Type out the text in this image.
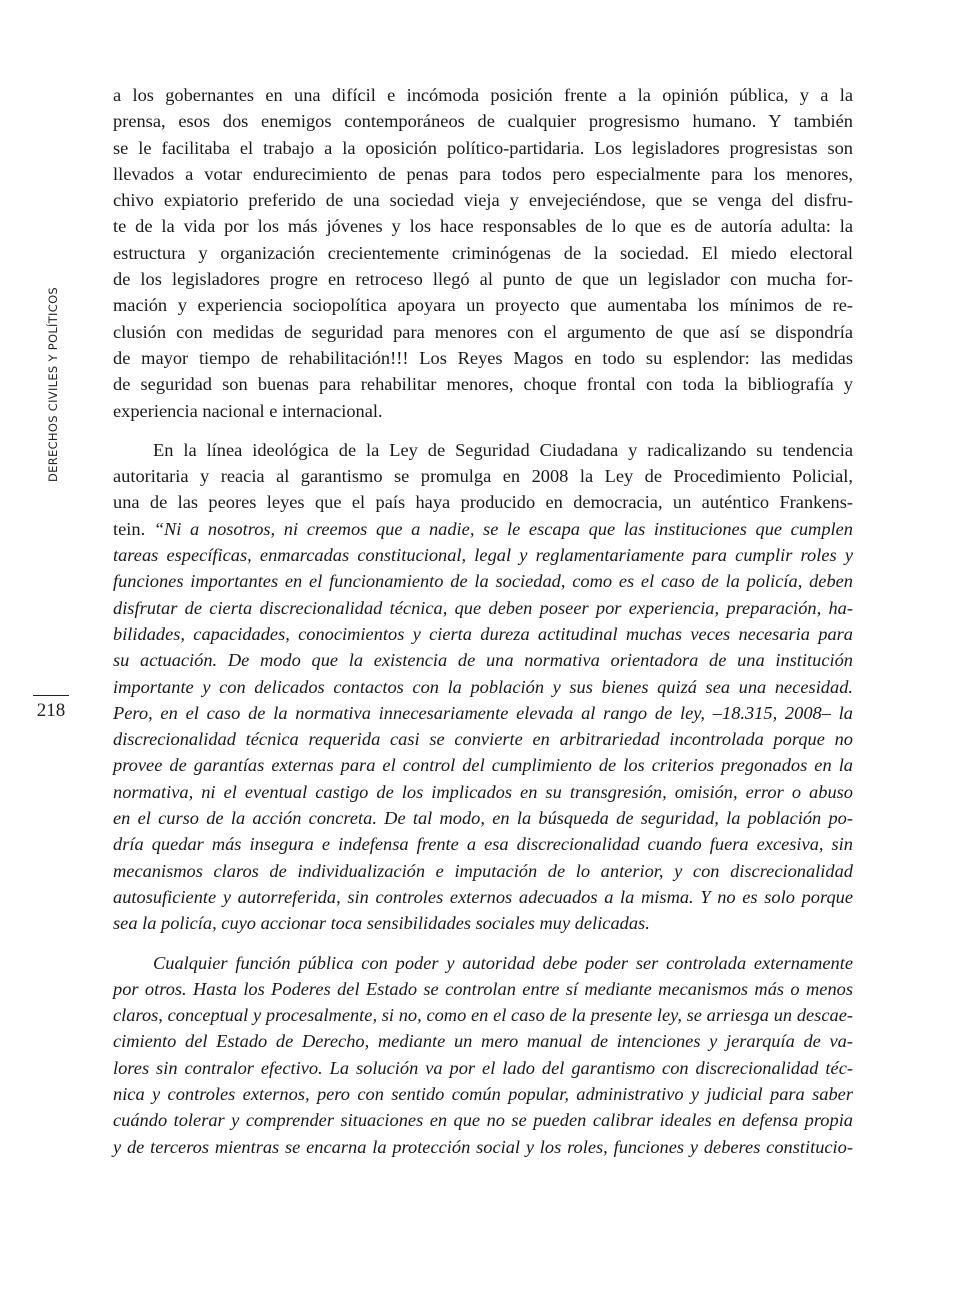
DERECHOS CIVILES Y POLÍTICOS
218

a los gobernantes en una difícil e incómoda posición frente a la opinión pública, y a la
prensa, esos dos enemigos contemporáneos de cualquier progresismo humano. Y también
se le facilitaba el trabajo a la oposición político-partidaria. Los legisladores progresistas son
llevados a votar endurecimiento de penas para todos pero especialmente para los menores,
chivo expiatorio preferido de una sociedad vieja y envejeciéndose, que se venga del disfru-
te de la vida por los más jóvenes y los hace responsables de lo que es de autoría adulta: la
estructura y organización crecientemente criminógenas de la sociedad. El miedo electoral
de los legisladores progre en retroceso llegó al punto de que un legislador con mucha for-
mación y experiencia sociopolítica apoyara un proyecto que aumentaba los mínimos de re-
clusión con medidas de seguridad para menores con el argumento de que así se dispondría
de mayor tiempo de rehabilitación!!! Los Reyes Magos en todo su esplendor: las medidas
de seguridad son buenas para rehabilitar menores, choque frontal con toda la bibliografía y
experiencia nacional e internacional.

En la línea ideológica de la Ley de Seguridad Ciudadana y radicalizando su tendencia
autoritaria y reacia al garantismo se promulga en 2008 la Ley de Procedimiento Policial,
una de las peores leyes que el país haya producido en democracia, un auténtico Frankens-
tein. “Ni a nosotros, ni creemos que a nadie, se le escapa que las instituciones que cumplen
tareas específicas, enmarcadas constitucional, legal y reglamentariamente para cumplir roles y
funciones importantes en el funcionamiento de la sociedad, como es el caso de la policía, deben
disfrutar de cierta discrecionalidad técnica, que deben poseer por experiencia, preparación, ha-
bilidades, capacidades, conocimientos y cierta dureza actitudinal muchas veces necesaria para
su actuación. De modo que la existencia de una normativa orientadora de una institución
importante y con delicados contactos con la población y sus bienes quizá sea una necesidad.
Pero, en el caso de la normativa innecesariamente elevada al rango de ley, –18.315, 2008– la
discrecionalidad técnica requerida casi se convierte en arbitrariedad incontrolada porque no
provee de garantías externas para el control del cumplimiento de los criterios pregonados en la
normativa, ni el eventual castigo de los implicados en su transgresión, omisión, error o abuso
en el curso de la acción concreta. De tal modo, en la búsqueda de seguridad, la población po-
dría quedar más insegura e indefensa frente a esa discrecionalidad cuando fuera excesiva, sin
mecanismos claros de individualización e imputación de lo anterior, y con discrecionalidad
autosuficiente y autorreferida, sin controles externos adecuados a la misma. Y no es solo porque
sea la policía, cuyo accionar toca sensibilidades sociales muy delicadas.

Cualquier función pública con poder y autoridad debe poder ser controlada externamente
por otros. Hasta los Poderes del Estado se controlan entre sí mediante mecanismos más o menos
claros, conceptual y procesalmente, si no, como en el caso de la presente ley, se arriesga un descae-
cimiento del Estado de Derecho, mediante un mero manual de intenciones y jerarquía de va-
lores sin contralor efectivo. La solución va por el lado del garantismo con discrecionalidad téc-
nica y controles externos, pero con sentido común popular, administrativo y judicial para saber
cuándo tolerar y comprender situaciones en que no se pueden calibrar ideales en defensa propia
y de terceros mientras se encarna la protección social y los roles, funciones y deberes constitucio-
